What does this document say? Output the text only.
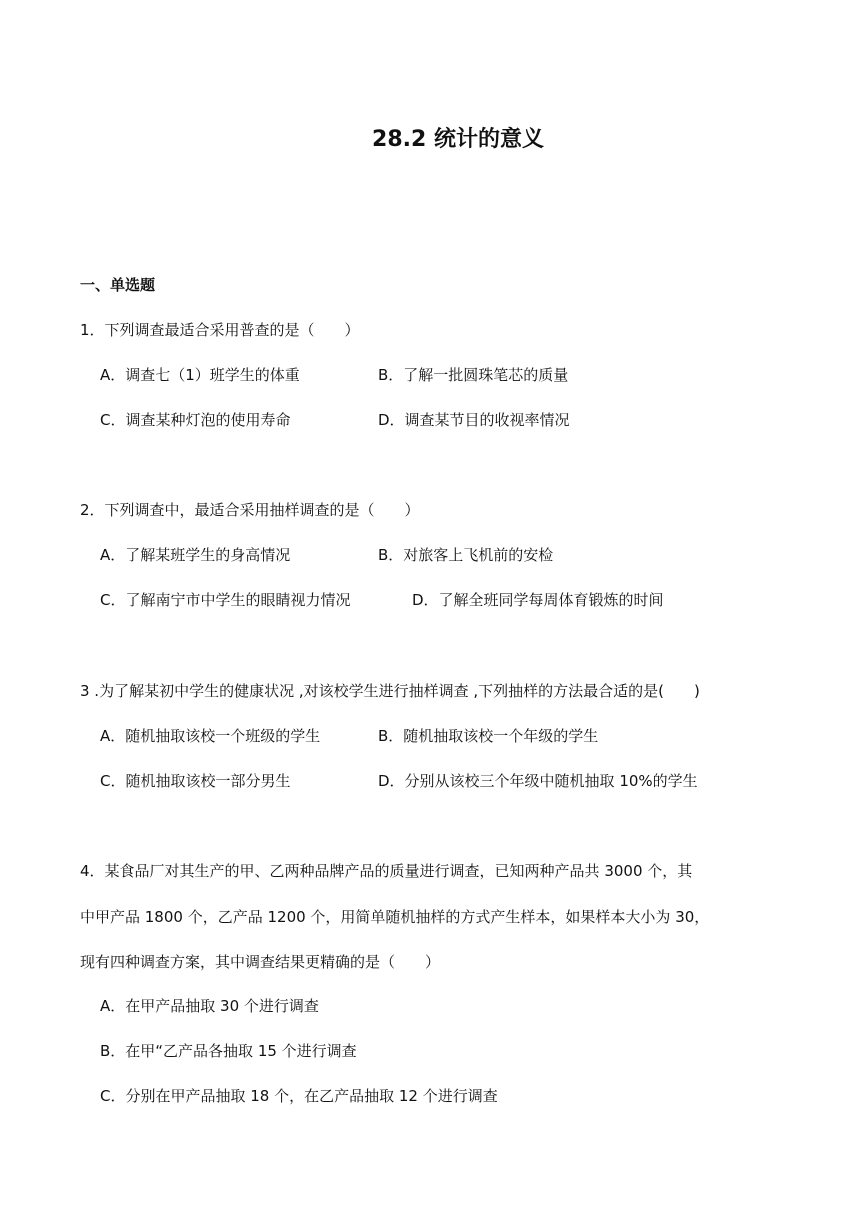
28.2 统计的意义
一、单选题
1．下列调查最适合采用普查的是（　　）
A．调查七（1）班学生的体重	B．了解一批圆珠笔芯的质量
C．调查某种灯泡的使用寿命	D．调查某节目的收视率情况
2．下列调查中，最适合采用抽样调查的是（　　）
A．了解某班学生的身高情况	B．对旅客上飞机前的安检
C．了解南宁市中学生的眼睛视力情况	D．了解全班同学每周体育锻炼的时间
3 .为了解某初中学生的健康状况 ,对该校学生进行抽样调查 ,下列抽样的方法最合适的是(　　)
A．随机抽取该校一个班级的学生	B．随机抽取该校一个年级的学生
C．随机抽取该校一部分男生	D．分别从该校三个年级中随机抽取 10%的学生
4．某食品厂对其生产的甲、乙两种品牌产品的质量进行调查，已知两种产品共 3000 个，其
中甲产品 1800 个，乙产品 1200 个，用简单随机抽样的方式产生样本，如果样本大小为 30，
现有四种调查方案，其中调查结果更精确的是（　　）
A．在甲产品抽取 30 个进行调查
B．在甲“乙产品各抽取 15 个进行调查
C．分别在甲产品抽取 18 个，在乙产品抽取 12 个进行调查
